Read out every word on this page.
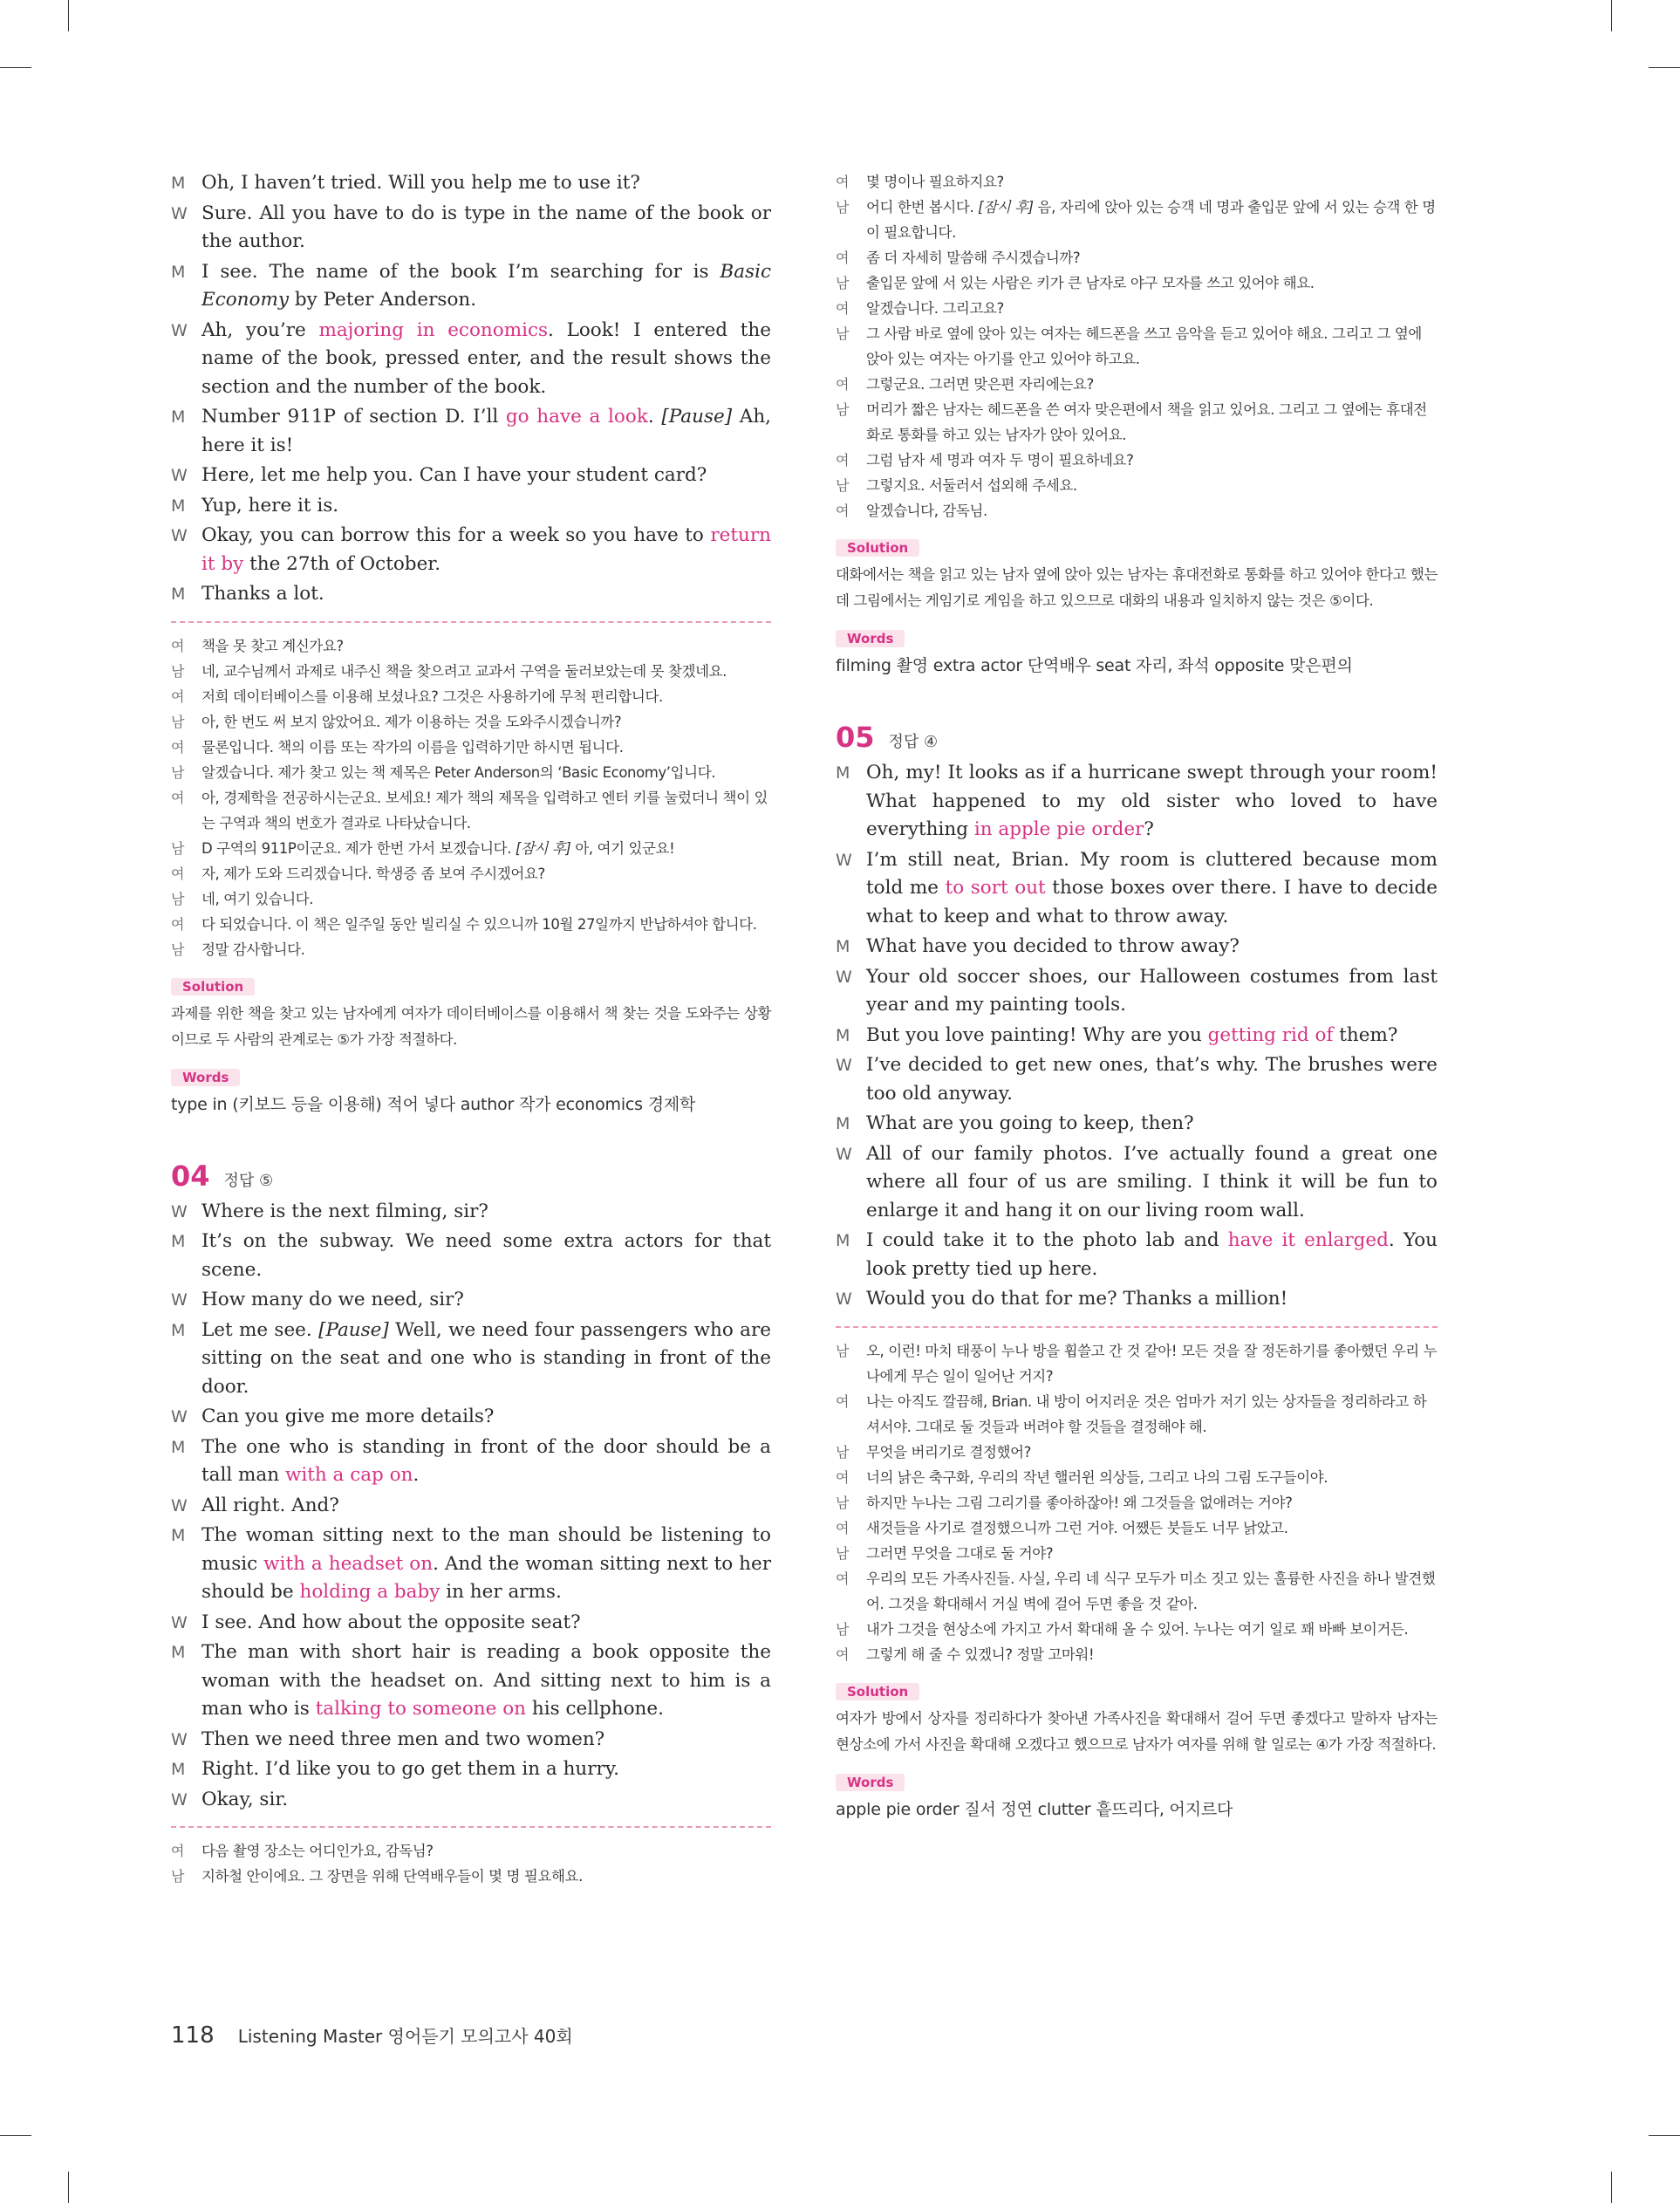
M Oh, I haven’t tried. Will you help me to use it?
W Sure. All you have to do is type in the name of the book or the author.
M I see. The name of the book I’m searching for is Basic Economy by Peter Anderson.
W Ah, you’re majoring in economics. Look! I entered the name of the book, pressed enter, and the result shows the section and the number of the book.
M Number 911P of section D. I’ll go have a look. [Pause] Ah, here it is!
W Here, let me help you. Can I have your student card?
M Yup, here it is.
W Okay, you can borrow this for a week so you have to return it by the 27th of October.
M Thanks a lot.
여 책을 못 찾고 계신가요?
남 네, 교수님께서 과제로 내주신 책을 찾으려고 교과서 구역을 둘러보았는데 못 찾겠네요.
여 저희 데이터베이스를 이용해 보셨나요? 그것은 사용하기에 무척 편리합니다.
남 아, 한 번도 써 보지 않았어요. 제가 이용하는 것을 도와주시겠습니까?
여 물론입니다. 책의 이름 또는 작가의 이름을 입력하기만 하시면 됩니다.
남 알겠습니다. 제가 찾고 있는 책 제목은 Peter Anderson의 ‘Basic Economy’입니다.
여 아, 경제학을 전공하시는군요. 보세요! 제가 책의 제목을 입력하고 엔터 키를 눌렀더니 책이 있는 구역과 책의 번호가 결과로 나타났습니다.
남 D 구역의 911P이군요. 제가 한번 가서 보겠습니다. [잠시 후] 아, 여기 있군요!
여 자, 제가 도와 드리겠습니다. 학생증 좀 보여 주시겠어요?
남 네, 여기 있습니다.
여 다 되었습니다. 이 책은 일주일 동안 빌리실 수 있으니까 10월 27일까지 반납하셔야 합니다.
남 정말 감사합니다.
Solution
과제를 위한 책을 찾고 있는 남자에게 여자가 데이터베이스를 이용해서 책 찾는 것을 도와주는 상황이므로 두 사람의 관계로는 ⑤가 가장 적절하다.
Words
type in (키보드 등을 이용해) 적어 넣다 author 작가 economics 경제학
04 정답 ⑤
W Where is the next filming, sir?
M It’s on the subway. We need some extra actors for that scene.
W How many do we need, sir?
M Let me see. [Pause] Well, we need four passengers who are sitting on the seat and one who is standing in front of the door.
W Can you give me more details?
M The one who is standing in front of the door should be a tall man with a cap on.
W All right. And?
M The woman sitting next to the man should be listening to music with a headset on. And the woman sitting next to her should be holding a baby in her arms.
W I see. And how about the opposite seat?
M The man with short hair is reading a book opposite the woman with the headset on. And sitting next to him is a man who is talking to someone on his cellphone.
W Then we need three men and two women?
M Right. I’d like you to go get them in a hurry.
W Okay, sir.
여 다음 촬영 장소는 어디인가요, 감독님?
남 지하철 안이에요. 그 장면을 위해 단역배우들이 몇 명 필요해요.
여 몇 명이나 필요하지요?
남 어디 한번 봅시다. [잠시 후] 음, 자리에 앉아 있는 승객 네 명과 출입문 앞에 서 있는 승객 한 명이 필요합니다.
여 좀 더 자세히 말씀해 주시겠습니까?
남 출입문 앞에 서 있는 사람은 키가 큰 남자로 야구 모자를 쓰고 있어야 해요.
여 알겠습니다. 그리고요?
남 그 사람 바로 옆에 앉아 있는 여자는 헤드폰을 쓰고 음악을 듣고 있어야 해요. 그리고 그 옆에 앉아 있는 여자는 아기를 안고 있어야 하고요.
여 그렇군요. 그러면 맞은편 자리에는요?
남 머리가 짧은 남자는 헤드폰을 쓴 여자 맞은편에서 책을 읽고 있어요. 그리고 그 옆에는 휴대전화로 통화를 하고 있는 남자가 앉아 있어요.
여 그럼 남자 세 명과 여자 두 명이 필요하네요?
남 그렇지요. 서둘러서 섭외해 주세요.
여 알겠습니다, 감독님.
Solution
대화에서는 책을 읽고 있는 남자 옆에 앉아 있는 남자는 휴대전화로 통화를 하고 있어야 한다고 했는데 그림에서는 게임기로 게임을 하고 있으므로 대화의 내용과 일치하지 않는 것은 ⑤이다.
Words
filming 촬영 extra actor 단역배우 seat 자리, 좌석 opposite 맞은편의
05 정답 ④
M Oh, my! It looks as if a hurricane swept through your room! What happened to my old sister who loved to have everything in apple pie order?
W I’m still neat, Brian. My room is cluttered because mom told me to sort out those boxes over there. I have to decide what to keep and what to throw away.
M What have you decided to throw away?
W Your old soccer shoes, our Halloween costumes from last year and my painting tools.
M But you love painting! Why are you getting rid of them?
W I’ve decided to get new ones, that’s why. The brushes were too old anyway.
M What are you going to keep, then?
W All of our family photos. I’ve actually found a great one where all four of us are smiling. I think it will be fun to enlarge it and hang it on our living room wall.
M I could take it to the photo lab and have it enlarged. You look pretty tied up here.
W Would you do that for me? Thanks a million!
남 오, 이런! 마치 태풍이 누나 방을 휩쓸고 간 것 같아! 모든 것을 잘 정돈하기를 좋아했던 우리 누나에게 무슨 일이 일어난 거지?
여 나는 아직도 깔끔해, Brian. 내 방이 어지러운 것은 엄마가 저기 있는 상자들을 정리하라고 하셔서야. 그대로 둘 것들과 버려야 할 것들을 결정해야 해.
남 무엇을 버리기로 결정했어?
여 너의 낡은 축구화, 우리의 작년 핼러윈 의상들, 그리고 나의 그림 도구들이야.
남 하지만 누나는 그림 그리기를 좋아하잖아! 왜 그것들을 없애려는 거야?
여 새것들을 사기로 결정했으니까 그런 거야. 어쨌든 붓들도 너무 낡았고.
남 그러면 무엇을 그대로 둘 거야?
여 우리의 모든 가족사진들. 사실, 우리 네 식구 모두가 미소 짓고 있는 훌륭한 사진을 하나 발견했어. 그것을 확대해서 거실 벽에 걸어 두면 좋을 것 같아.
남 내가 그것을 현상소에 가지고 가서 확대해 올 수 있어. 누나는 여기 일로 꽤 바빠 보이거든.
여 그렇게 해 줄 수 있겠니? 정말 고마워!
Solution
여자가 방에서 상자를 정리하다가 찾아낸 가족사진을 확대해서 걸어 두면 좋겠다고 말하자 남자는 현상소에 가서 사진을 확대해 오겠다고 했으므로 남자가 여자를 위해 할 일로는 ④가 가장 적절하다.
Words
apple pie order 질서 정연 clutter 흩뜨리다, 어지르다
118 Listening Master 영어듣기 모의고사 40회
